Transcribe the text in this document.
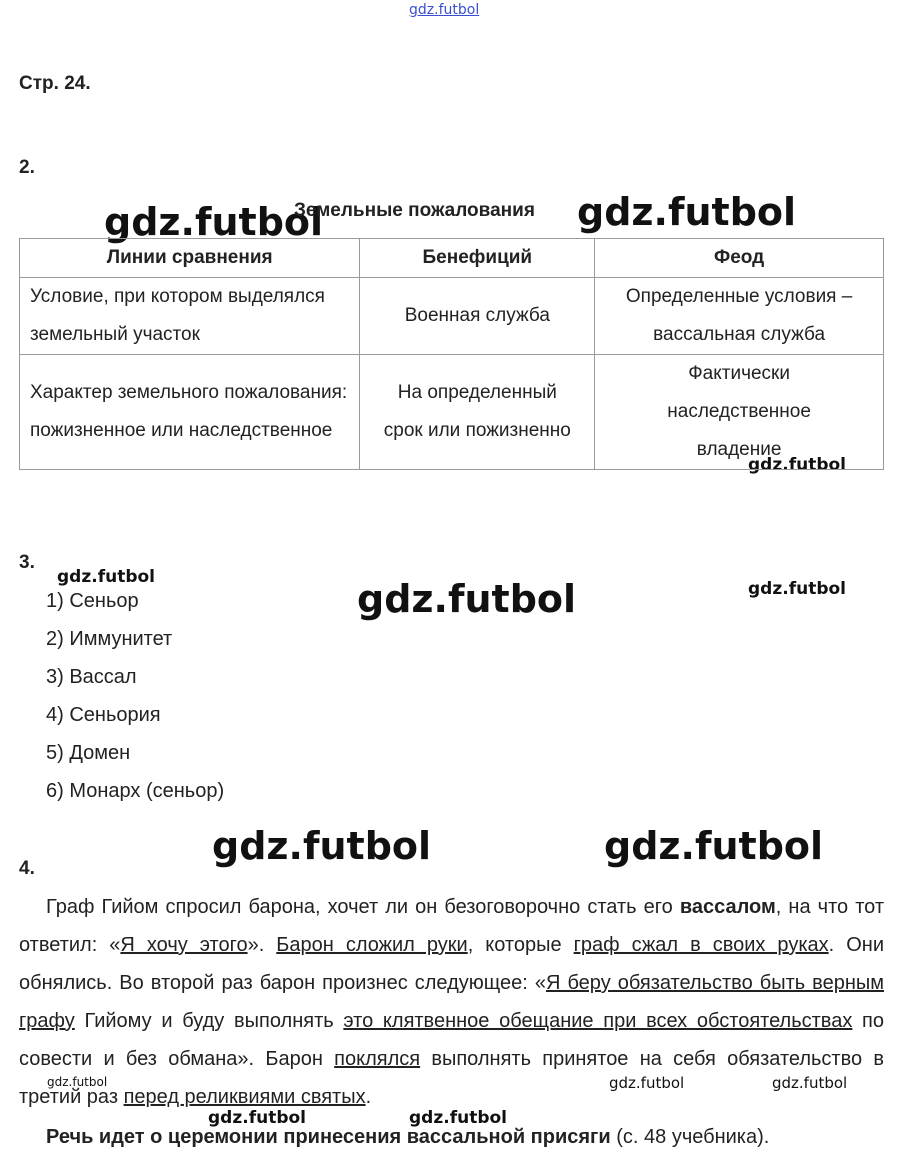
gdz.futbol
gdz.futbol	gdz.futbol
gdz.futbol
gdz.futbol	gdz.futbol	gdz.futbol
gdz.futbol	gdz.futbol
Стр. 24.
2.
Земельные пожалования
Линии сравнения	Бенефиций	Феод
Условие, при котором выделялся земельный участок	Военная служба	Определенные условия – вассальная служба
Характер земельного пожалования: пожизненное или наследственное	На определенный срок или пожизненно	Фактически наследственное владение
3.
1) Сеньор
2) Иммунитет
3) Вассал
4) Сеньория
5) Домен
6) Монарх (сеньор)
4.
Граф Гийом спросил барона, хочет ли он безоговорочно стать его вассалом, на что тот ответил: «Я хочу этого». Барон сложил руки, которые граф сжал в своих руках. Они обнялись. Во второй раз барон произнес следующее: «Я беру обязательство быть верным графу Гийому и буду выполнять это клятвенное обещание при всех обстоятельствах по совести и без обмана». Барон поклялся выполнять принятое на себя обязательство в третий раз перед реликвиями святых.
Речь идет о церемонии принесения вассальной присяги (с. 48 учебника).
gdz.futbol	gdz.futbol	gdz.futbol
gdz.futbol	gdz.futbol
